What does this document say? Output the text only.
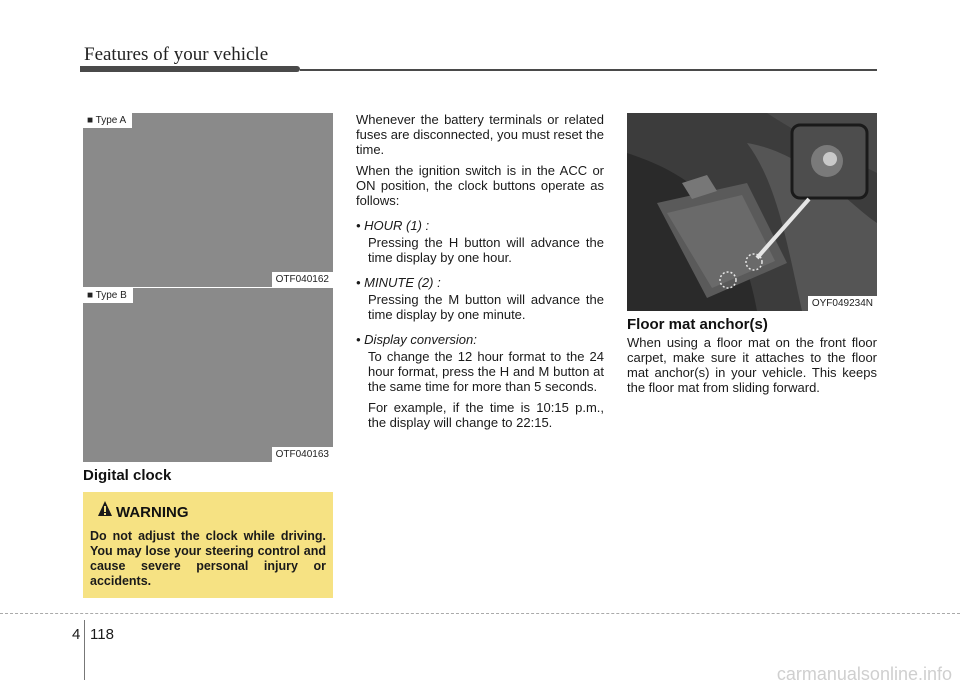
Features of your vehicle
■ Type A
OTF040162
■ Type B
OTF040163
Digital clock
WARNING
Do not adjust the clock while driving. You may lose your steering control and cause severe personal injury or accidents.

Whenever the battery terminals or related fuses are disconnected, you must reset the time.

When the ignition switch is in the ACC or ON position, the clock buttons operate as follows:

• HOUR (1) :
Pressing the H button will advance the time display by one hour.
• MINUTE (2) :
Pressing the M button will advance the time display by one minute.
• Display conversion:
To change the 12 hour format to the 24 hour format, press the H and M button at the same time for more than 5 seconds.
For example, if the time is 10:15 p.m., the display will change to 22:15.
OYF049234N
Floor mat anchor(s)
When using a floor mat on the front floor carpet, make sure it attaches to the floor mat anchor(s) in your vehicle. This keeps the floor mat from sliding forward.
4 118
carmanualsonline.info
